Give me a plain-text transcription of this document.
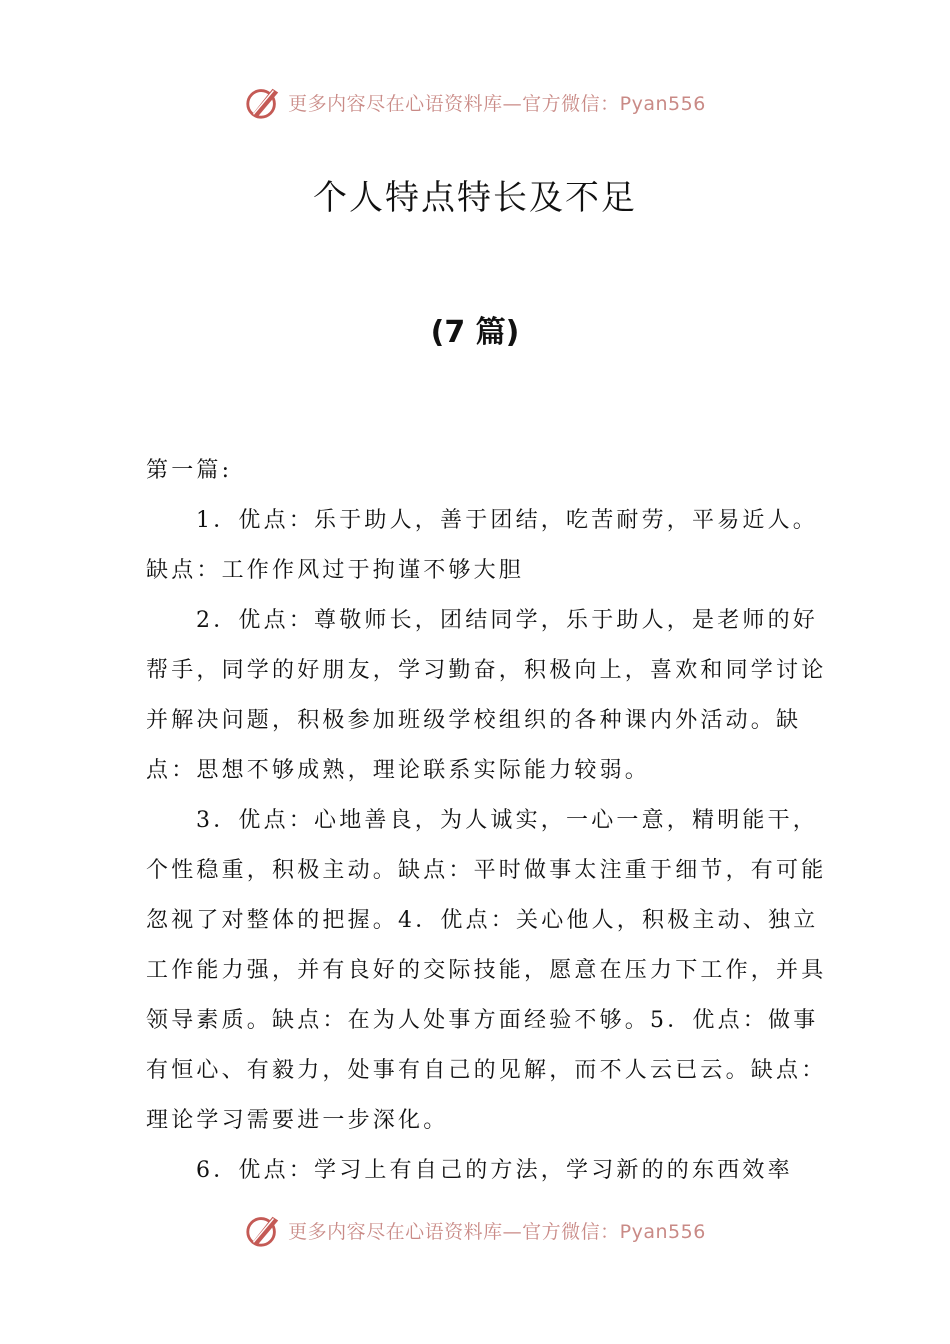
更多内容尽在心语资料库—官方微信：Pyan556
个人特点特长及不足
(7 篇)

第一篇:

1．优点：乐于助人，善于团结，吃苦耐劳，平易近人。缺点：工作作风过于拘谨不够大胆

2．优点：尊敬师长，团结同学，乐于助人，是老师的好帮手，同学的好朋友，学习勤奋，积极向上，喜欢和同学讨论并解决问题，积极参加班级学校组织的各种课内外活动。缺点：思想不够成熟，理论联系实际能力较弱。

3．优点：心地善良，为人诚实，一心一意，精明能干，个性稳重，积极主动。缺点：平时做事太注重于细节，有可能忽视了对整体的把握。4．优点：关心他人，积极主动、独立工作能力强，并有良好的交际技能，愿意在压力下工作，并具领导素质。缺点：在为人处事方面经验不够。5．优点：做事有恒心、有毅力，处事有自己的见解，而不人云已云。缺点：理论学习需要进一步深化。

6．优点：学习上有自己的方法，学习新的的东西效率

更多内容尽在心语资料库—官方微信：Pyan556
